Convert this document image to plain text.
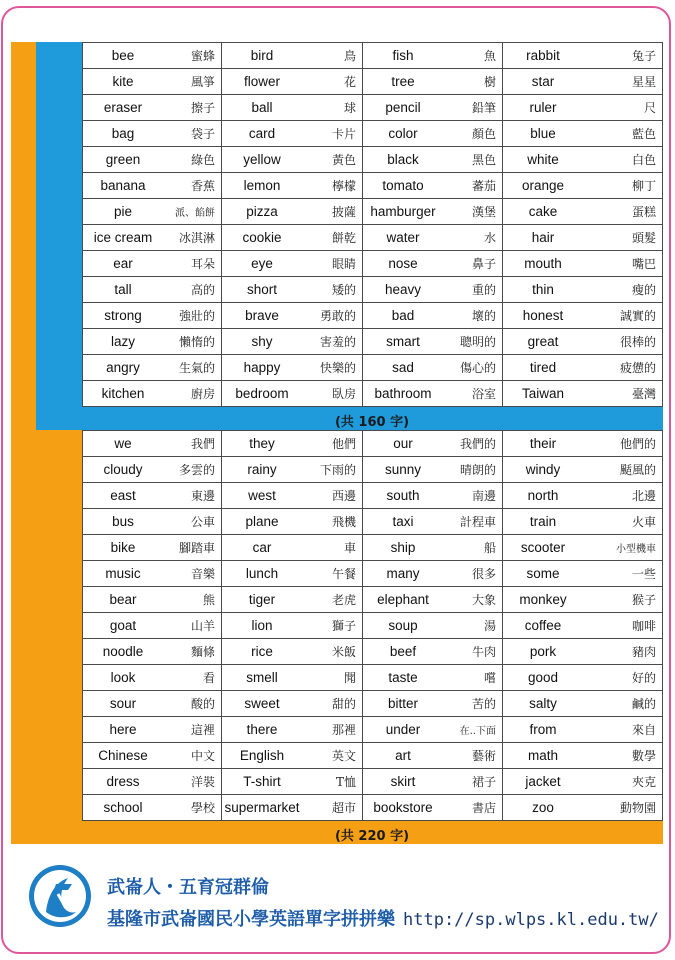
bee 蜜蜂	bird 鳥	fish 魚	rabbit 兔子

kite 風箏	flower 花	tree 樹	star 星星

eraser 擦子	ball 球	pencil 鉛筆	ruler 尺

bag 袋子	card 卡片	color 顏色	blue 藍色

green 綠色	yellow 黃色	black 黑色	white 白色

banana 香蕉	lemon 檸檬	tomato 蕃茄	orange 柳丁

pie 派、餡餅	pizza 披薩	hamburger 漢堡	cake 蛋糕

ice cream 冰淇淋	cookie 餅乾	water 水	hair 頭髮

ear 耳朵	eye 眼睛	nose 鼻子	mouth 嘴巴

tall 高的	short 矮的	heavy 重的	thin 瘦的

strong 強壯的	brave 勇敢的	bad 壞的	honest 誠實的

lazy 懶惰的	shy 害羞的	smart 聰明的	great 很棒的

angry 生氣的	happy 快樂的	sad 傷心的	tired 疲憊的

kitchen 廚房	bedroom 臥房	bathroom 浴室	Taiwan 臺灣
(共 160 字)
we 我們	they 他們	our 我們的	their 他們的

cloudy 多雲的	rainy 下雨的	sunny 晴朗的	windy 颳風的

east 東邊	west 西邊	south 南邊	north 北邊

bus 公車	plane 飛機	taxi 計程車	train 火車

bike 腳踏車	car 車	ship 船	scooter 小型機車

music 音樂	lunch 午餐	many 很多	some 一些

bear 熊	tiger 老虎	elephant 大象	monkey 猴子

goat 山羊	lion 獅子	soup 湯	coffee 咖啡

noodle 麵條	rice 米飯	beef 牛肉	pork 豬肉

look 看	smell 聞	taste 嚐	good 好的

sour 酸的	sweet 甜的	bitter 苦的	salty 鹹的

here 這裡	there 那裡	under 在..下面	from 來自

Chinese 中文	English 英文	art 藝術	math 數學

dress 洋裝	T-shirt T恤	skirt 裙子	jacket 夾克

school 學校	supermarket 超市	bookstore 書店	zoo 動物園
(共 220 字)
武崙人・五育冠群倫
基隆市武崙國民小學英語單字拼拼樂 http://sp.wlps.kl.edu.tw/
